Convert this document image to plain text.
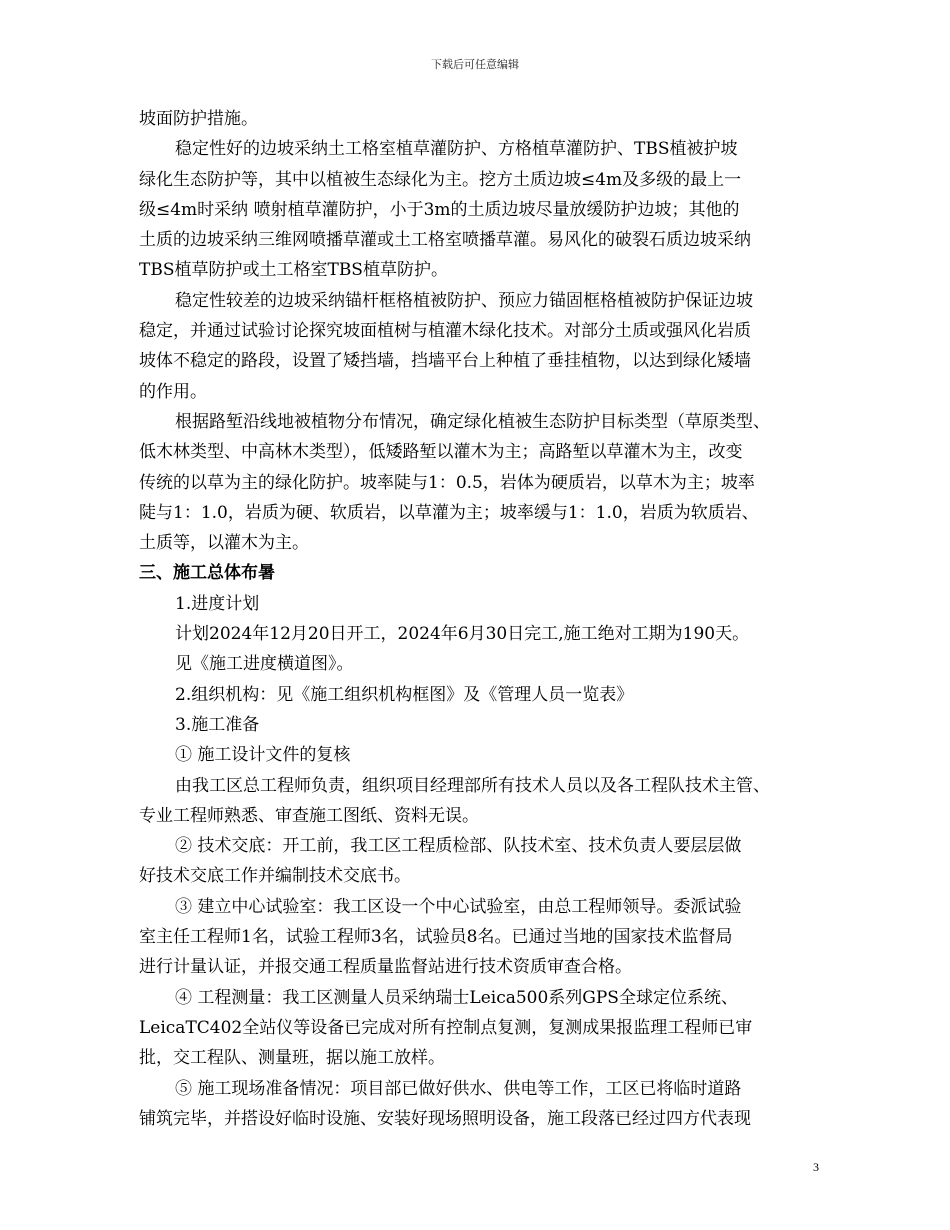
下载后可任意编辑
坡面防护措施。
稳定性好的边坡采纳土工格室植草灌防护、方格植草灌防护、TBS植被护坡
绿化生态防护等，其中以植被生态绿化为主。挖方土质边坡≤4m及多级的最上一
级≤4m时采纳 喷射植草灌防护，小于3m的土质边坡尽量放缓防护边坡；其他的
土质的边坡采纳三维网喷播草灌或土工格室喷播草灌。易风化的破裂石质边坡采纳
TBS植草防护或土工格室TBS植草防护。
稳定性较差的边坡采纳锚杆框格植被防护、预应力锚固框格植被防护保证边坡
稳定，并通过试验讨论探究坡面植树与植灌木绿化技术。对部分土质或强风化岩质
坡体不稳定的路段，设置了矮挡墙，挡墙平台上种植了垂挂植物，以达到绿化矮墙
的作用。
根据路堑沿线地被植物分布情况，确定绿化植被生态防护目标类型（草原类型、
低木林类型、中高林木类型），低矮路堑以灌木为主；高路堑以草灌木为主，改变
传统的以草为主的绿化防护。坡率陡与1：0.5，岩体为硬质岩，以草木为主；坡率
陡与1：1.0，岩质为硬、软质岩，以草灌为主；坡率缓与1：1.0，岩质为软质岩、
土质等，以灌木为主。
三、施工总体布暑
1.进度计划
计划2024年12月20日开工，2024年6月30日完工,施工绝对工期为190天。
见《施工进度横道图》。
2.组织机构：见《施工组织机构框图》及《管理人员一览表》
3.施工准备
① 施工设计文件的复核
由我工区总工程师负责，组织项目经理部所有技术人员以及各工程队技术主管、
专业工程师熟悉、审查施工图纸、资料无误。
② 技术交底：开工前，我工区工程质检部、队技术室、技术负责人要层层做
好技术交底工作并编制技术交底书。
③ 建立中心试验室：我工区设一个中心试验室，由总工程师领导。委派试验
室主任工程师1名，试验工程师3名，试验员8名。已通过当地的国家技术监督局
进行计量认证，并报交通工程质量监督站进行技术资质审查合格。
④ 工程测量：我工区测量人员采纳瑞士Leica500系列GPS全球定位系统、
LeicaTC402全站仪等设备已完成对所有控制点复测，复测成果报监理工程师已审
批，交工程队、测量班，据以施工放样。
⑤ 施工现场准备情况：项目部已做好供水、供电等工作，工区已将临时道路
铺筑完毕，并搭设好临时设施、安装好现场照明设备，施工段落已经过四方代表现
3
